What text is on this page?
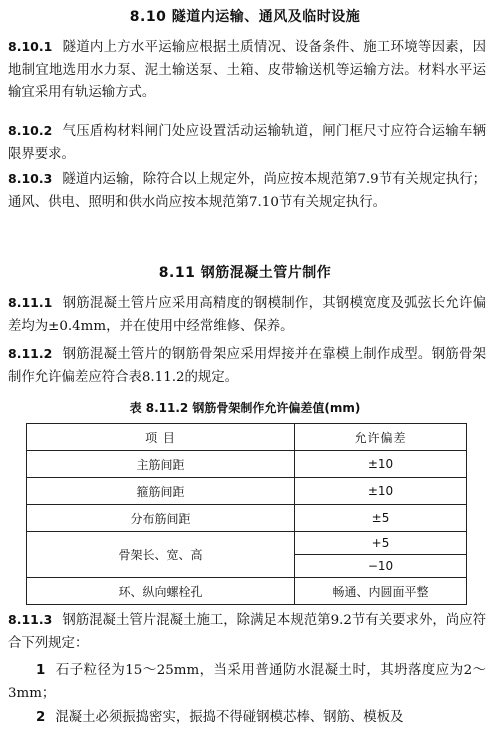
8.10 隧道内运输、通风及临时设施

8.10.1 隧道内上方水平运输应根据土质情况、设备条件、施工环境等因素，因地制宜地选用水力泵、泥土输送泵、土箱、皮带输送机等运输方法。材料水平运输宜采用有轨运输方式。

8.10.2 气压盾构材料闸门处应设置活动运输轨道，闸门框尺寸应符合运输车辆限界要求。

8.10.3 隧道内运输，除符合以上规定外，尚应按本规范第7.9节有关规定执行；通风、供电、照明和供水尚应按本规范第7.10节有关规定执行。

8.11 钢筋混凝土管片制作

8.11.1 钢筋混凝土管片应采用高精度的钢模制作，其钢模宽度及弧弦长允许偏差均为±0.4mm，并在使用中经常维修、保养。

8.11.2 钢筋混凝土管片的钢筋骨架应采用焊接并在靠模上制作成型。钢筋骨架制作允许偏差应符合表8.11.2的规定。

表 8.11.2 钢筋骨架制作允许偏差值(mm)
项 目	允许偏差
主筋间距	±10
箍筋间距	±10
分布筋间距	±5
骨架长、宽、高	+5
	−10
环、纵向螺栓孔	畅通、内圆面平整

8.11.3 钢筋混凝土管片混凝土施工，除满足本规范第9.2节有关要求外，尚应符合下列规定：

1 石子粒径为15～25mm，当采用普通防水混凝土时，其坍落度应为2～3mm；

2 混凝土必须振捣密实，振捣不得碰钢模芯棒、钢筋、模板及
